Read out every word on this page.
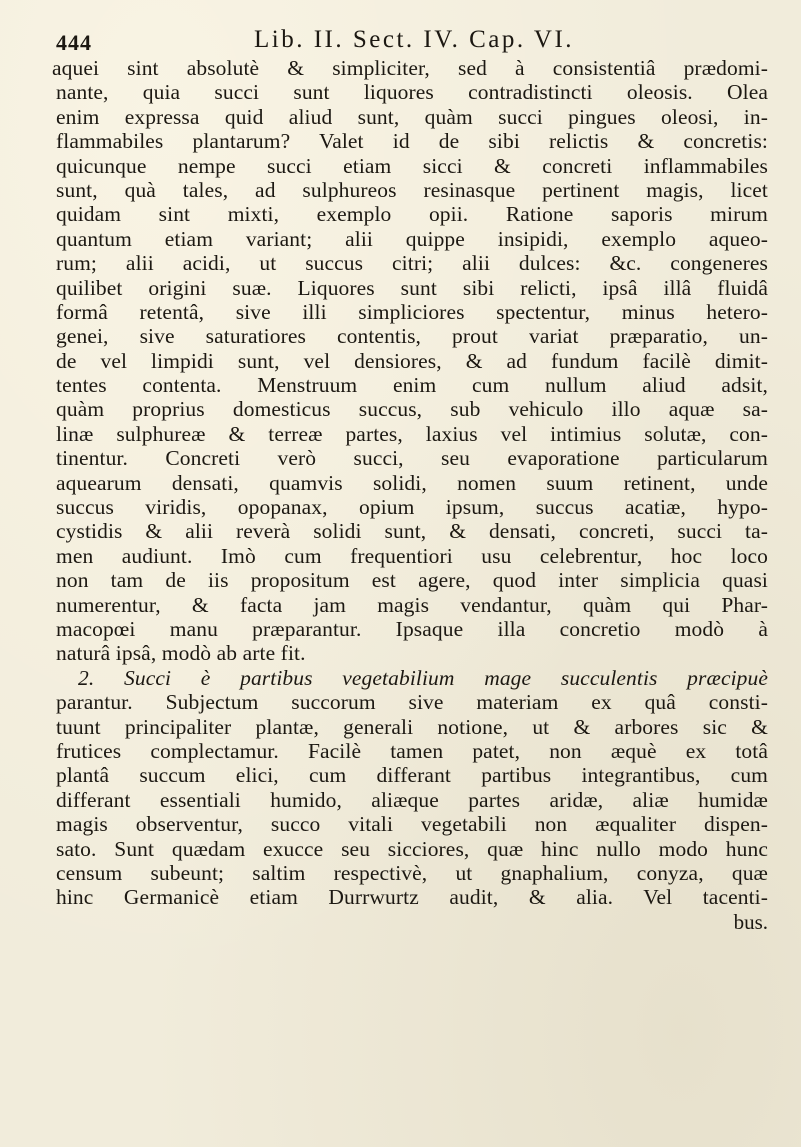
444	Lib. II. Sect. IV. Cap. VI.
aquei sint absolutè & simpliciter, sed à consistentiâ prædomi-
nante, quia succi sunt liquores contradistincti oleosis. Olea
enim expressa quid aliud sunt, quàm succi pingues oleosi, in-
flammabiles plantarum? Valet id de sibi relictis & concretis:
quicunque nempe succi etiam sicci & concreti inflammabiles
sunt, quà tales, ad sulphureos resinasque pertinent magis, licet
quidam sint mixti, exemplo opii. Ratione saporis mirum
quantum etiam variant; alii quippe insipidi, exemplo aqueo-
rum; alii acidi, ut succus citri; alii dulces: &c. congeneres
quilibet origini suæ. Liquores sunt sibi relicti, ipsâ illâ fluidâ
formâ retentâ, sive illi simpliciores spectentur, minus hetero-
genei, sive saturatiores contentis, prout variat præparatio, un-
de vel limpidi sunt, vel densiores, & ad fundum facilè dimit-
tentes contenta. Menstruum enim cum nullum aliud adsit,
quàm proprius domesticus succus, sub vehiculo illo aquæ sa-
linæ sulphureæ & terreæ partes, laxius vel intimius solutæ, con-
tinentur. Concreti verò succi, seu evaporatione particularum
aquearum densati, quamvis solidi, nomen suum retinent, unde
succus viridis, opopanax, opium ipsum, succus acatiæ, hypo-
cystidis & alii reverà solidi sunt, & densati, concreti, succi ta-
men audiunt. Imò cum frequentiori usu celebrentur, hoc loco
non tam de iis propositum est agere, quod inter simplicia quasi
numerentur, & facta jam magis vendantur, quàm qui Phar-
macopœi manu præparantur. Ipsaque illa concretio modò à
naturâ ipsâ, modò ab arte fit.
2. Succi è partibus vegetabilium mage succulentis præcipuè
parantur. Subjectum succorum sive materiam ex quâ consti-
tuunt principaliter plantæ, generali notione, ut & arbores sic &
frutices complectamur. Facilè tamen patet, non æquè ex totâ
plantâ succum elici, cum differant partibus integrantibus, cum
differant essentiali humido, aliæque partes aridæ, aliæ humidæ
magis observentur, succo vitali vegetabili non æqualiter dispen-
sato. Sunt quædam exucce seu sicciores, quæ hinc nullo modo hunc
censum subeunt; saltim respectivè, ut gnaphalium, conyza, quæ
hinc Germanicè etiam Durrwurtz audit, & alia. Vel tacenti-
bus.
